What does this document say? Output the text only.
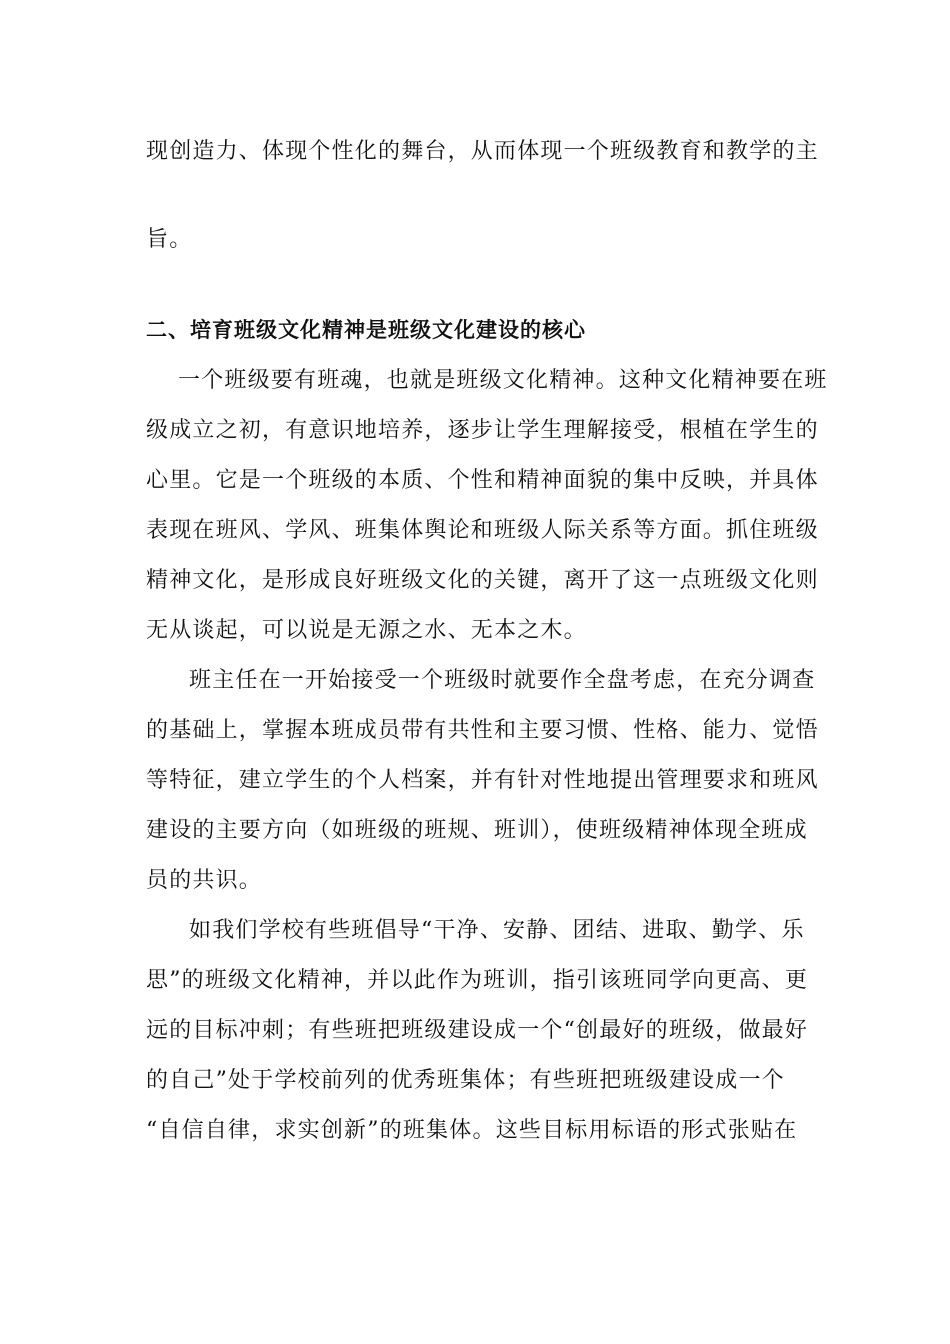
现创造力、体现个性化的舞台，从而体现一个班级教育和教学的主

旨。

二、培育班级文化精神是班级文化建设的核心

一个班级要有班魂，也就是班级文化精神。这种文化精神要在班

级成立之初，有意识地培养，逐步让学生理解接受，根植在学生的

心里。它是一个班级的本质、个性和精神面貌的集中反映，并具体

表现在班风、学风、班集体舆论和班级人际关系等方面。抓住班级

精神文化，是形成良好班级文化的关键，离开了这一点班级文化则

无从谈起，可以说是无源之水、无本之木。

班主任在一开始接受一个班级时就要作全盘考虑，在充分调查

的基础上，掌握本班成员带有共性和主要习惯、性格、能力、觉悟

等特征，建立学生的个人档案，并有针对性地提出管理要求和班风

建设的主要方向（如班级的班规、班训），使班级精神体现全班成

员的共识。

如我们学校有些班倡导“干净、安静、团结、进取、勤学、乐

思”的班级文化精神，并以此作为班训，指引该班同学向更高、更

远的目标冲刺；有些班把班级建设成一个“创最好的班级，做最好

的自己”处于学校前列的优秀班集体；有些班把班级建设成一个

“自信自律，求实创新”的班集体。这些目标用标语的形式张贴在
